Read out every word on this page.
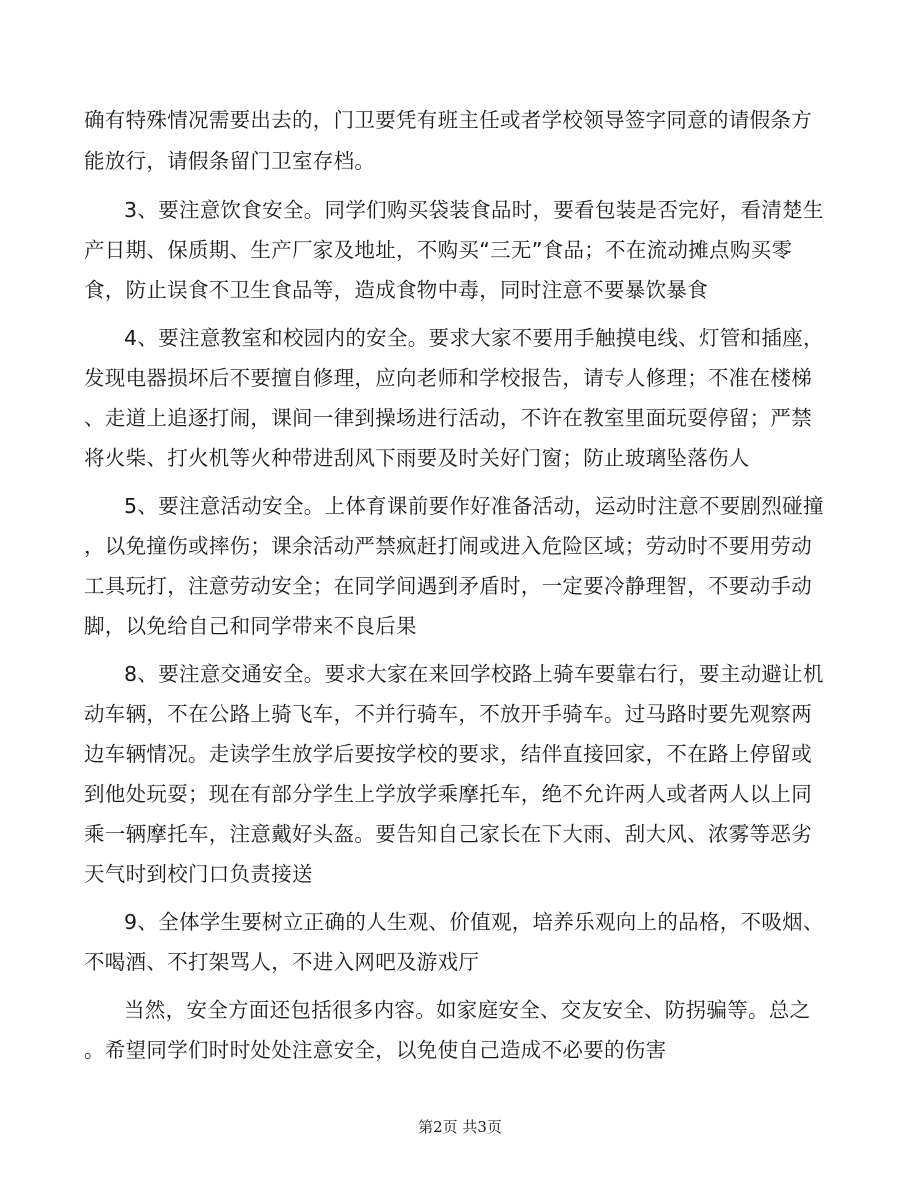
确有特殊情况需要出去的，门卫要凭有班主任或者学校领导签字同意的请假条方
能放行，请假条留门卫室存档。
3、要注意饮食安全。同学们购买袋装食品时，要看包装是否完好，看清楚生
产日期、保质期、生产厂家及地址，不购买“三无”食品；不在流动摊点购买零
食，防止误食不卫生食品等，造成食物中毒，同时注意不要暴饮暴食
4、要注意教室和校园内的安全。要求大家不要用手触摸电线、灯管和插座，
发现电器损坏后不要擅自修理，应向老师和学校报告，请专人修理；不准在楼梯
、走道上追逐打闹，课间一律到操场进行活动，不许在教室里面玩耍停留；严禁
将火柴、打火机等火种带进刮风下雨要及时关好门窗；防止玻璃坠落伤人
5、要注意活动安全。上体育课前要作好准备活动，运动时注意不要剧烈碰撞
，以免撞伤或摔伤；课余活动严禁疯赶打闹或进入危险区域；劳动时不要用劳动
工具玩打，注意劳动安全；在同学间遇到矛盾时，一定要冷静理智，不要动手动
脚，以免给自己和同学带来不良后果
8、要注意交通安全。要求大家在来回学校路上骑车要靠右行，要主动避让机
动车辆，不在公路上骑飞车，不并行骑车，不放开手骑车。过马路时要先观察两
边车辆情况。走读学生放学后要按学校的要求，结伴直接回家，不在路上停留或
到他处玩耍；现在有部分学生上学放学乘摩托车，绝不允许两人或者两人以上同
乘一辆摩托车，注意戴好头盔。要告知自己家长在下大雨、刮大风、浓雾等恶劣
天气时到校门口负责接送
9、全体学生要树立正确的人生观、价值观，培养乐观向上的品格，不吸烟、
不喝酒、不打架骂人，不进入网吧及游戏厅
当然，安全方面还包括很多内容。如家庭安全、交友安全、防拐骗等。总之
。希望同学们时时处处注意安全，以免使自己造成不必要的伤害
第2页 共3页
